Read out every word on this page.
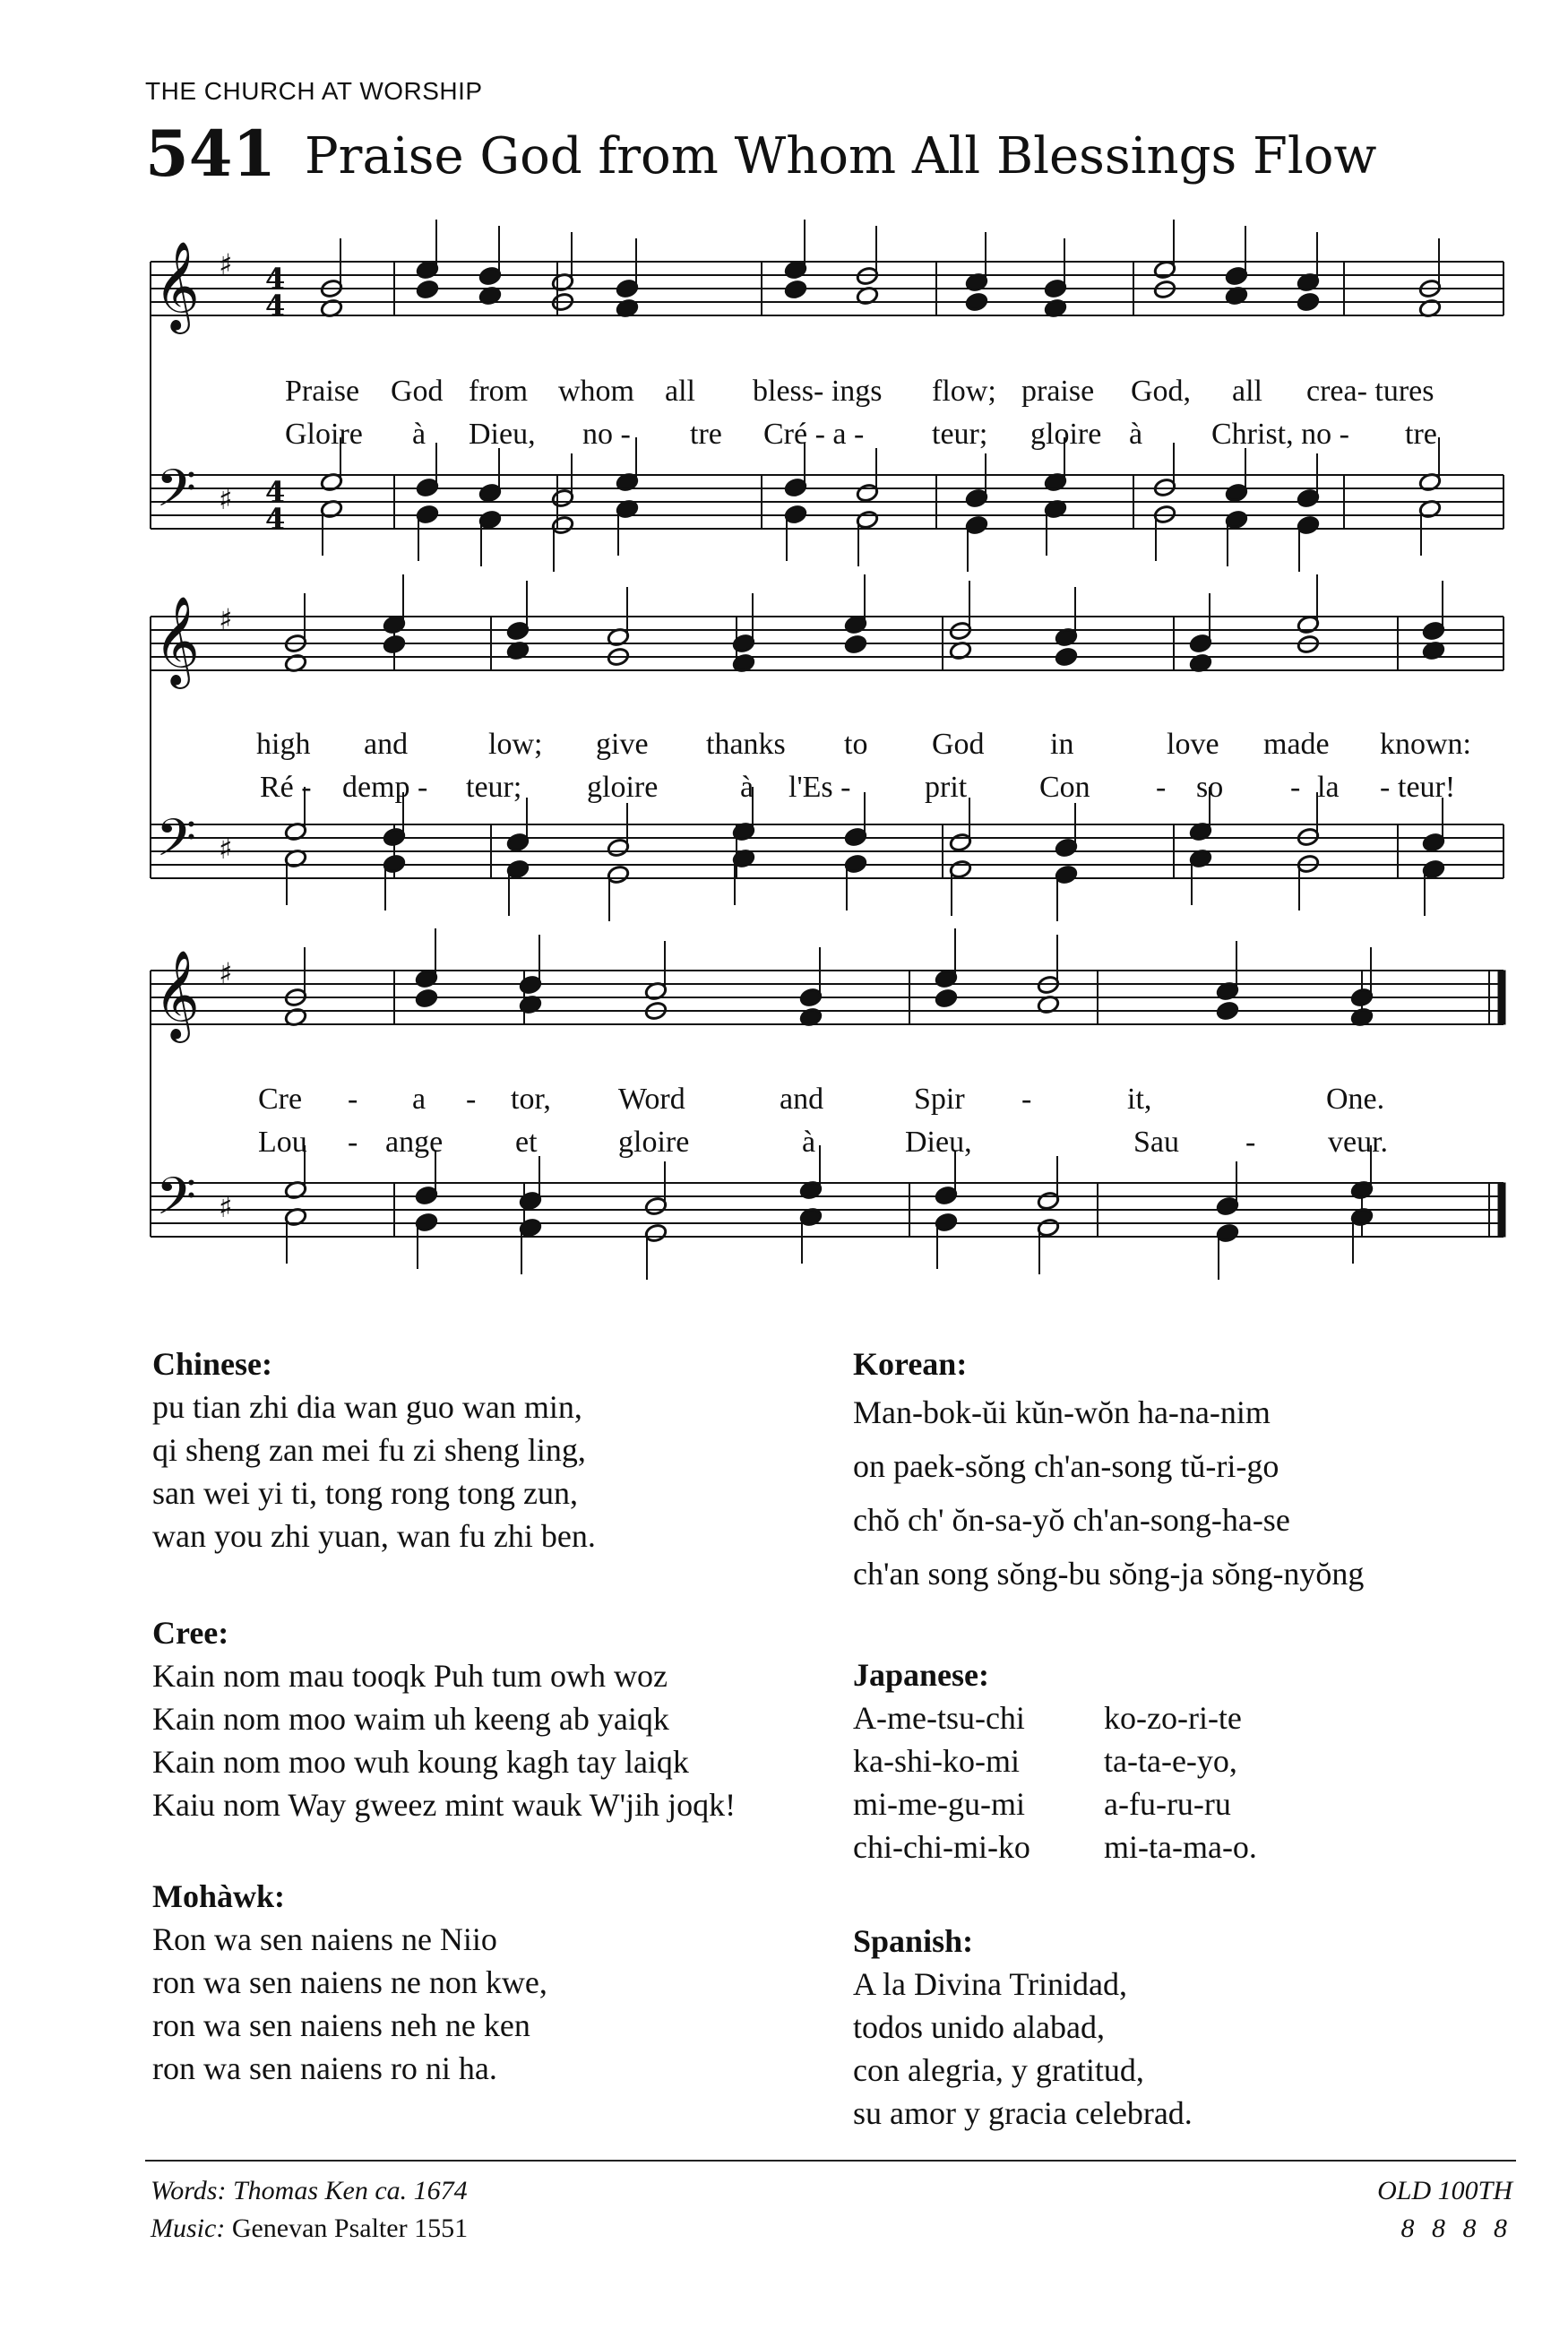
THE CHURCH AT WORSHIP
541 Praise God from Whom All Blessings Flow
𝄞
𝄢
♯
♯
4
4
4
4
𝄞
𝄢
♯
♯
𝄞
𝄢
♯
♯
Praise God from whom all bless- ings flow; praise God, all crea- tures
Gloire à Dieu, no - tre Cré - a - teur; gloire à Christ, no - tre
high and	low; give thanks to God in	love made known:
Ré - demp - teur; gloire	à l'Es - prit Con - so - la - teur!
Cre - a - tor, Word	and	Spir -	it,	One.
Lou - ange et	gloire	à	Dieu,	Sau - veur.
Chinese:
pu tian zhi dia wan guo wan min,
qi sheng zan mei fu zi sheng ling,
san wei yi ti, tong rong tong zun,
wan you zhi yuan, wan fu zhi ben.
Cree:
Kain nom mau tooqk Puh tum owh woz
Kain nom moo waim uh keeng ab yaiqk
Kain nom moo wuh koung kagh tay laiqk
Kaiu nom Way gweez mint wauk W'jih joqk!
Mohàwk:
Ron wa sen naiens ne Niio
ron wa sen naiens ne non kwe,
ron wa sen naiens neh ne ken
ron wa sen naiens ro ni ha.
Korean:
Man-bok-ŭi kŭn-wŏn ha-na-nim
on paek-sŏng ch'an-song tŭ-ri-go
chŏ ch' ŏn-sa-yŏ ch'an-song-ha-se
ch'an song sŏng-bu sŏng-ja sŏng-nyŏng
Japanese:
A-me-tsu-chi	ko-zo-ri-te
ka-shi-ko-mi	ta-ta-e-yo,
mi-me-gu-mi	a-fu-ru-ru
chi-chi-mi-ko	mi-ta-ma-o.
Spanish:
A la Divina Trinidad,
todos unido alabad,
con alegria, y gratitud,
su amor y gracia celebrad.
Words: Thomas Ken ca. 1674
Music: Genevan Psalter 1551
OLD 100TH
8 8 8 8
